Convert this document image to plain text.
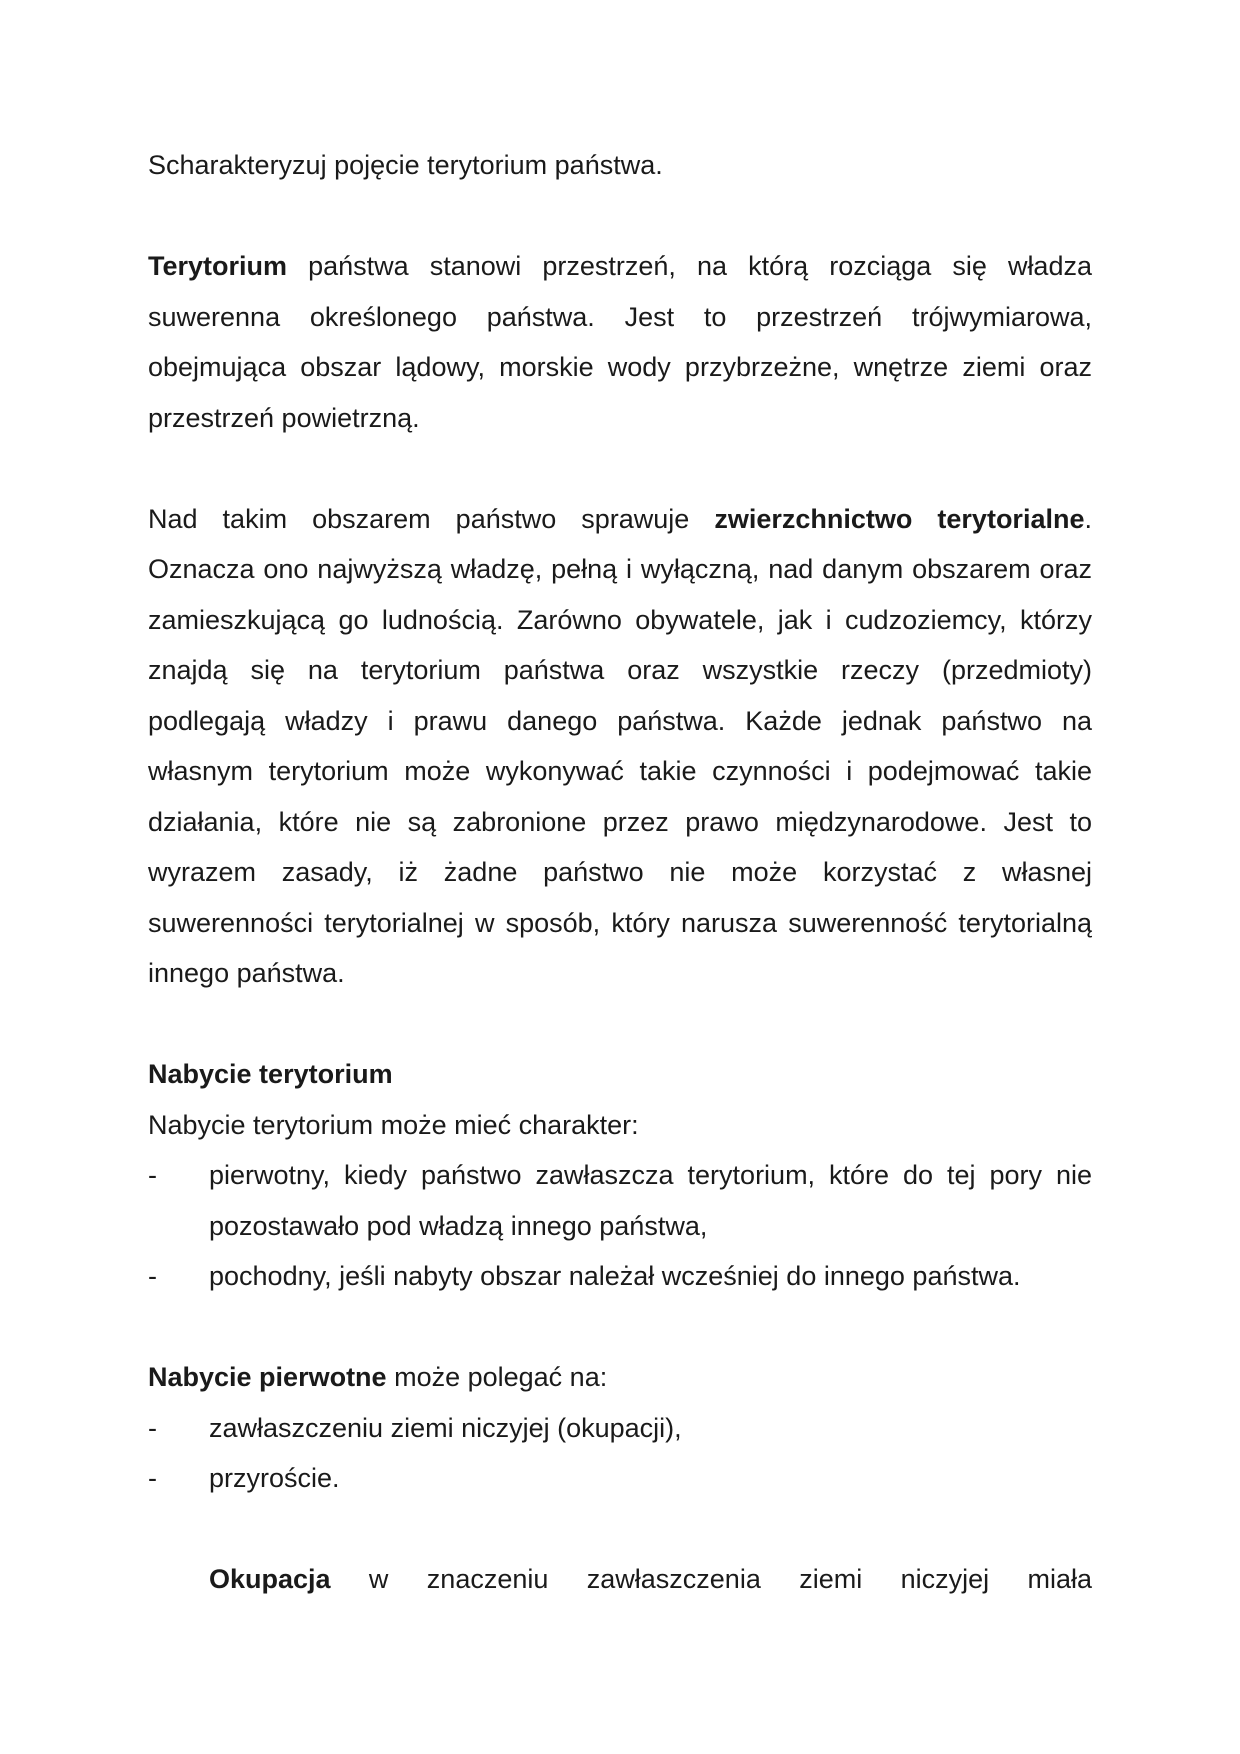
Scharakteryzuj pojęcie terytorium państwa.

Terytorium państwa stanowi przestrzeń, na którą rozciąga się władza suwerenna określonego państwa. Jest to przestrzeń trójwymiarowa, obejmująca obszar lądowy, morskie wody przybrzeżne, wnętrze ziemi oraz przestrzeń powietrzną.

Nad takim obszarem państwo sprawuje zwierzchnictwo terytorialne. Oznacza ono najwyższą władzę, pełną i wyłączną, nad danym obszarem oraz zamieszkującą go ludnością. Zarówno obywatele, jak i cudzoziemcy, którzy znajdą się na terytorium państwa oraz wszystkie rzeczy (przedmioty) podlegają władzy i prawu danego państwa. Każde jednak państwo na własnym terytorium może wykonywać takie czynności i podejmować takie działania, które nie są zabronione przez prawo międzynarodowe. Jest to wyrazem zasady, iż żadne państwo nie może korzystać z własnej suwerenności terytorialnej w sposób, który narusza suwerenność terytorialną innego państwa.

Nabycie terytorium

Nabycie terytorium może mieć charakter:

- pierwotny, kiedy państwo zawłaszcza terytorium, które do tej pory nie pozostawało pod władzą innego państwa,
- pochodny, jeśli nabyty obszar należał wcześniej do innego państwa.

Nabycie pierwotne może polegać na:

- zawłaszczeniu ziemi niczyjej (okupacji),
- przyroście.

Okupacja w znaczeniu zawłaszczenia ziemi niczyjej miała
